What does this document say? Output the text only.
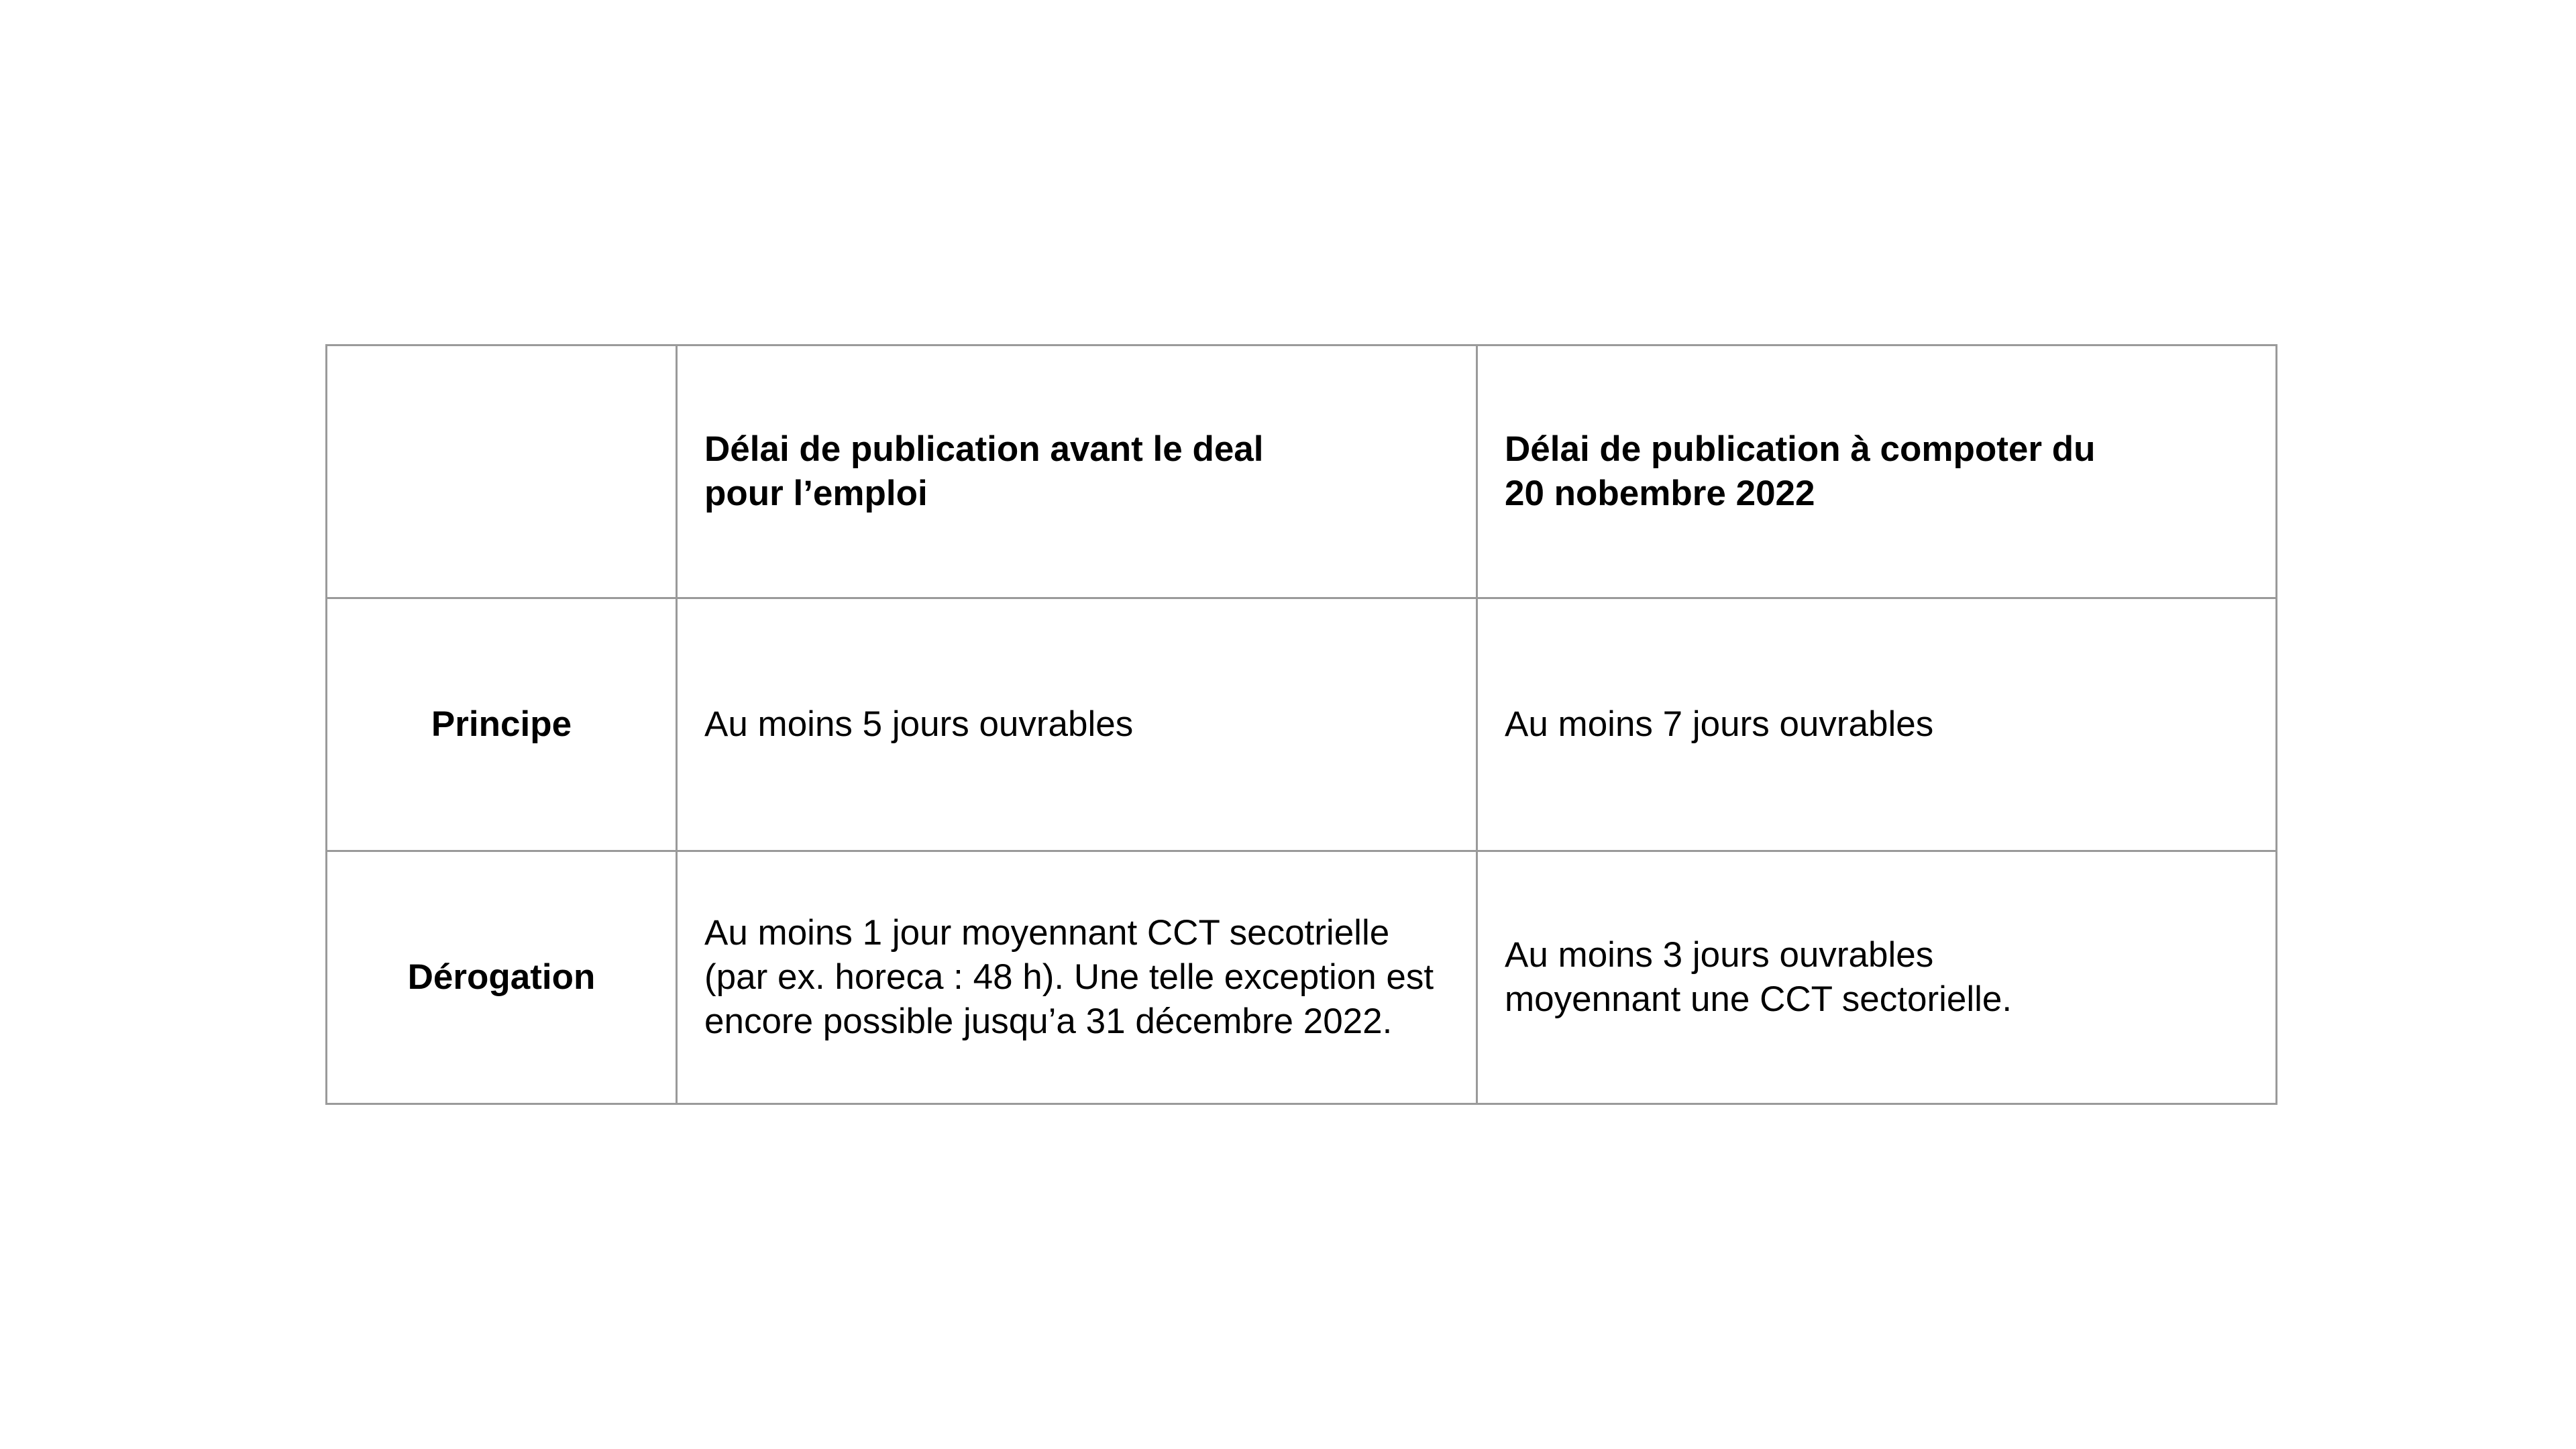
	Délai de publication avant le deal
pour l’emploi	Délai de publication à compoter du
20 nobembre 2022

Principe	Au moins 5 jours ouvrables	Au moins 7 jours ouvrables

Dérogation	Au moins 1 jour moyennant CCT secotrielle
(par ex. horeca : 48 h). Une telle exception est
encore possible jusqu’a 31 décembre 2022.	Au moins 3 jours ouvrables
moyennant une CCT sectorielle.
